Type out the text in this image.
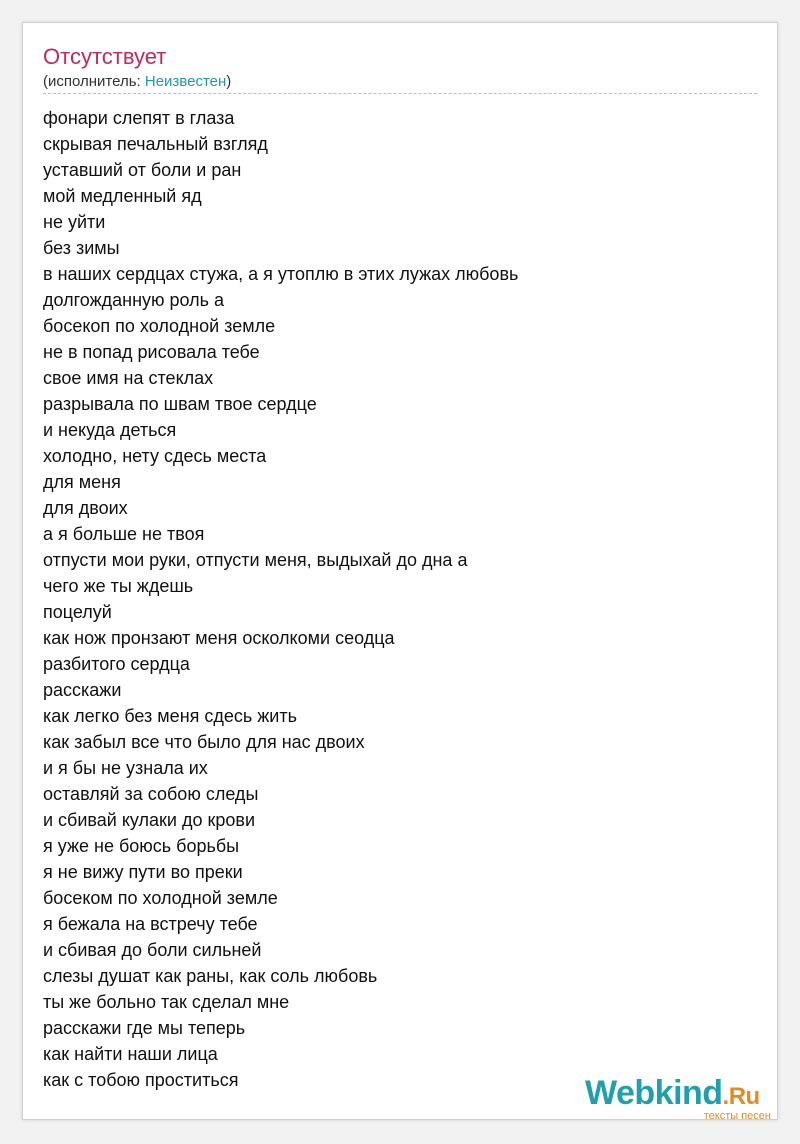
Отсутствует
(исполнитель: Неизвестен)
фонари слепят в глаза
скрывая печальный взгляд
уставший от боли и ран
мой медленный яд
не уйти
без зимы
в наших сердцах стужа, а я утоплю в этих лужах любовь
долгожданную роль а
босекоп по холодной земле
не в попад рисовала тебе
свое имя на стеклах
разрывала по швам твое сердце
и некуда деться
холодно, нету сдесь места
для меня
для двоих
а я больше не твоя
отпусти мои руки, отпусти меня, выдыхай до дна а
чего же ты ждешь
поцелуй
как нож пронзают меня осколкоми сеодца
разбитого сердца
расскажи
как легко без меня сдесь жить
как забыл все что было для нас двоих
и я бы не узнала их
оставляй за собою следы
и сбивай кулаки до крови
я уже не боюсь борьбы
я не вижу пути во преки
босеком по холодной земле
я бежала на встречу тебе
и сбивая до боли сильней
слезы душат как раны, как соль любовь
ты же больно так сделал мне
расскажи где мы теперь
как найти наши лица
как с тобою проститься	Webkind.Ru
тексты песен
